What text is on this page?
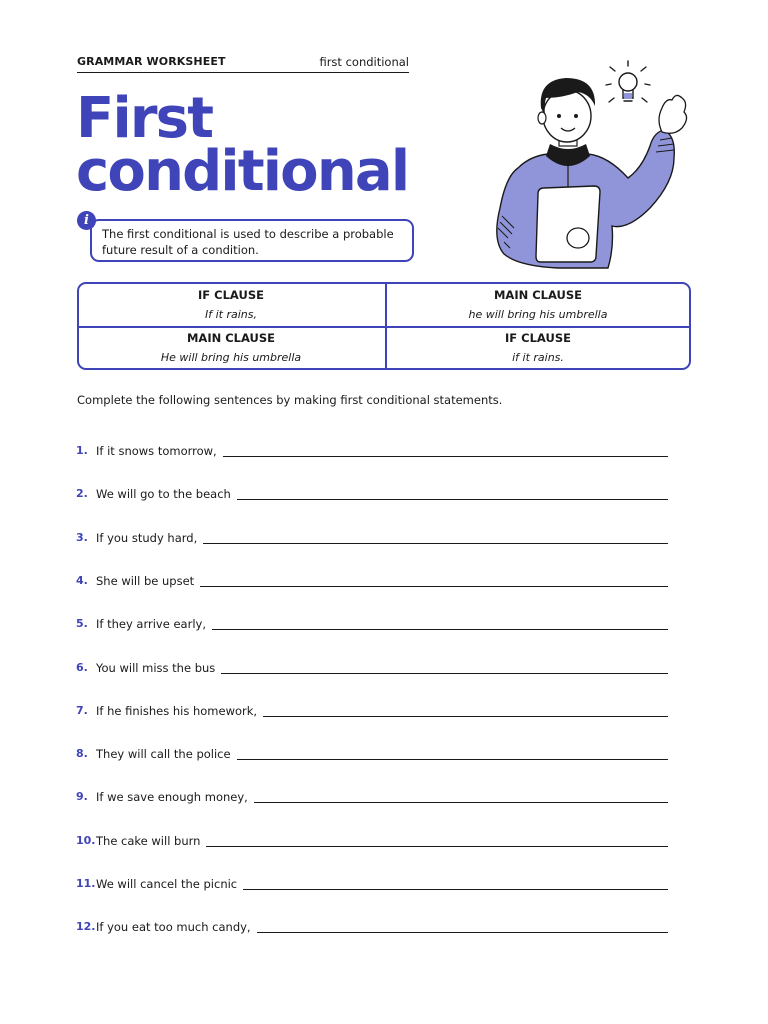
GRAMMAR WORKSHEET	first conditional
First
conditional
The first conditional is used to describe a probable future result of a condition.
i
IF CLAUSE
If it rains,
MAIN CLAUSE
he will bring his umbrella
MAIN CLAUSE
He will bring his umbrella
IF CLAUSE
if it rains.
Complete the following sentences by making first conditional statements.
1. If it snows tomorrow,
2. We will go to the beach
3. If you study hard,
4. She will be upset
5. If they arrive early,
6. You will miss the bus
7. If he finishes his homework,
8. They will call the police
9. If we save enough money,
10. The cake will burn
11. We will cancel the picnic
12. If you eat too much candy,
